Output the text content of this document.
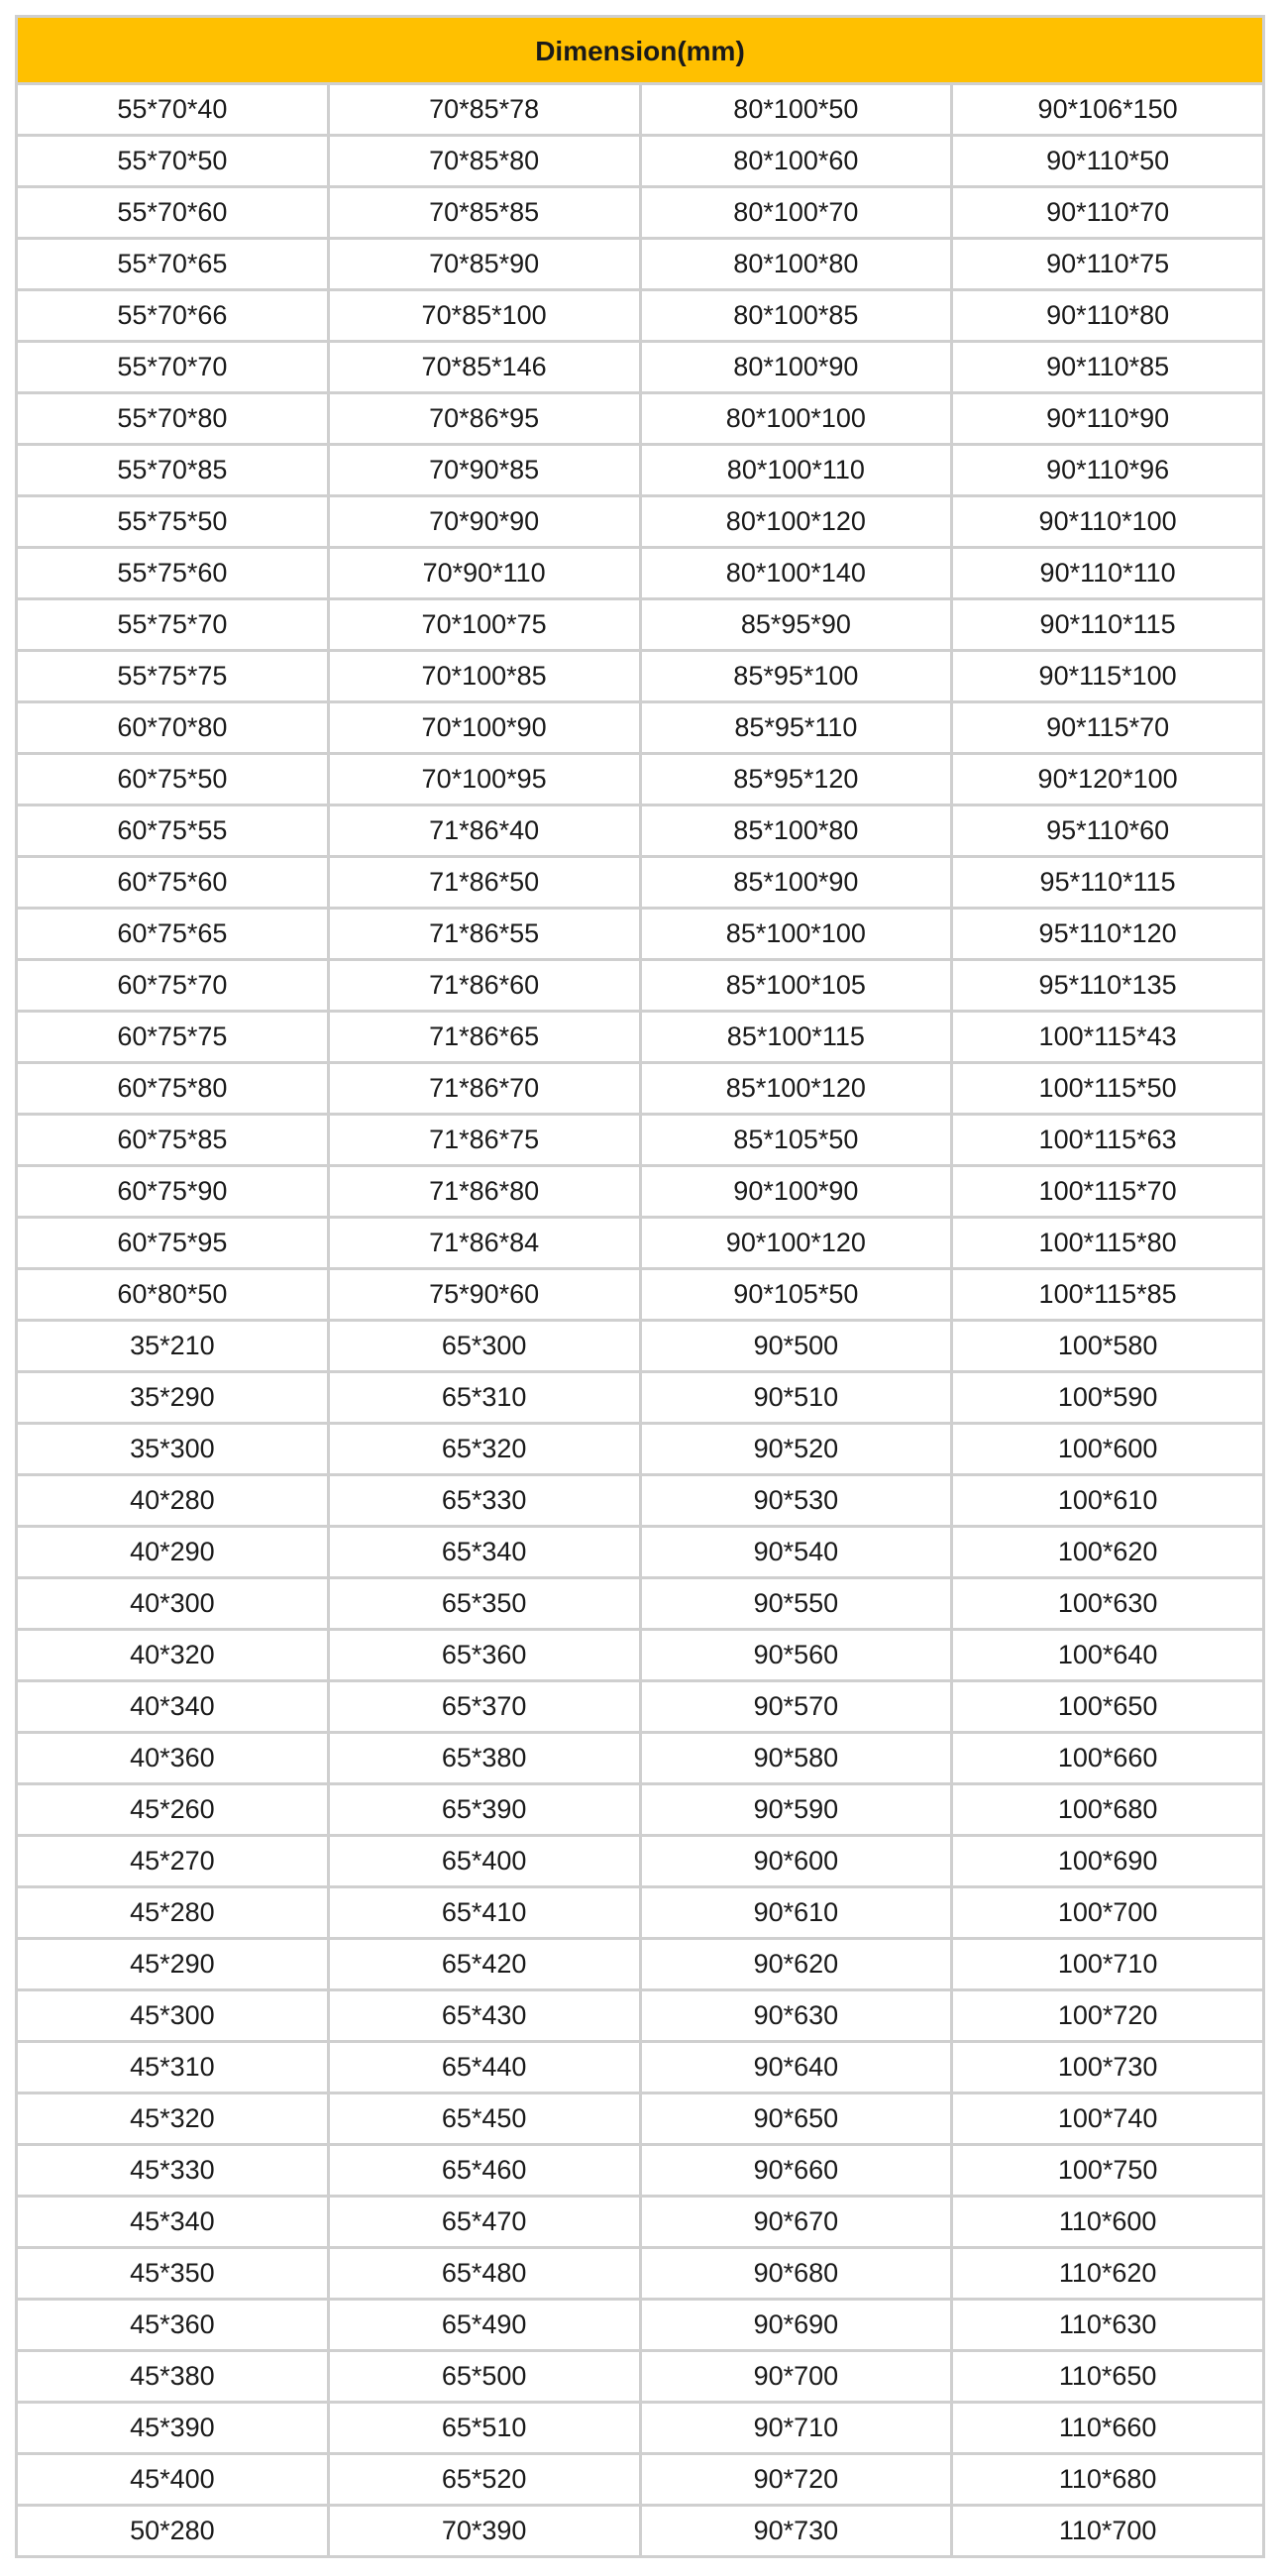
Dimension(mm)
55*70*40	70*85*78	80*100*50	90*106*150
55*70*50	70*85*80	80*100*60	90*110*50
55*70*60	70*85*85	80*100*70	90*110*70
55*70*65	70*85*90	80*100*80	90*110*75
55*70*66	70*85*100	80*100*85	90*110*80
55*70*70	70*85*146	80*100*90	90*110*85
55*70*80	70*86*95	80*100*100	90*110*90
55*70*85	70*90*85	80*100*110	90*110*96
55*75*50	70*90*90	80*100*120	90*110*100
55*75*60	70*90*110	80*100*140	90*110*110
55*75*70	70*100*75	85*95*90	90*110*115
55*75*75	70*100*85	85*95*100	90*115*100
60*70*80	70*100*90	85*95*110	90*115*70
60*75*50	70*100*95	85*95*120	90*120*100
60*75*55	71*86*40	85*100*80	95*110*60
60*75*60	71*86*50	85*100*90	95*110*115
60*75*65	71*86*55	85*100*100	95*110*120
60*75*70	71*86*60	85*100*105	95*110*135
60*75*75	71*86*65	85*100*115	100*115*43
60*75*80	71*86*70	85*100*120	100*115*50
60*75*85	71*86*75	85*105*50	100*115*63
60*75*90	71*86*80	90*100*90	100*115*70
60*75*95	71*86*84	90*100*120	100*115*80
60*80*50	75*90*60	90*105*50	100*115*85
35*210	65*300	90*500	100*580
35*290	65*310	90*510	100*590
35*300	65*320	90*520	100*600
40*280	65*330	90*530	100*610
40*290	65*340	90*540	100*620
40*300	65*350	90*550	100*630
40*320	65*360	90*560	100*640
40*340	65*370	90*570	100*650
40*360	65*380	90*580	100*660
45*260	65*390	90*590	100*680
45*270	65*400	90*600	100*690
45*280	65*410	90*610	100*700
45*290	65*420	90*620	100*710
45*300	65*430	90*630	100*720
45*310	65*440	90*640	100*730
45*320	65*450	90*650	100*740
45*330	65*460	90*660	100*750
45*340	65*470	90*670	110*600
45*350	65*480	90*680	110*620
45*360	65*490	90*690	110*630
45*380	65*500	90*700	110*650
45*390	65*510	90*710	110*660
45*400	65*520	90*720	110*680
50*280	70*390	90*730	110*700
